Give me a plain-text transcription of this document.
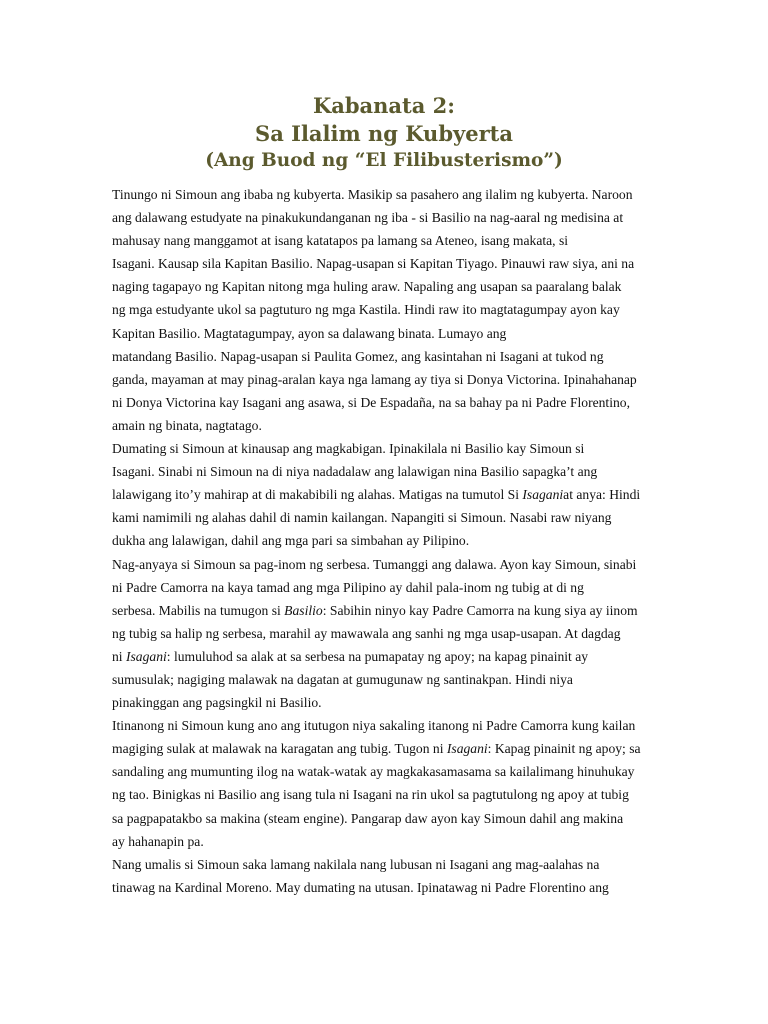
Kabanata 2:
Sa Ilalim ng Kubyerta
(Ang Buod ng “El Filibusterismo”)
Tinungo ni Simoun ang ibaba ng kubyerta. Masikip sa pasahero ang ilalim ng kubyerta. Naroon
ang dalawang estudyate na pinakukundanganan ng iba - si Basilio na nag-aaral ng medisina at
mahusay nang manggamot at isang katatapos pa lamang sa Ateneo, isang makata, si
Isagani. Kausap sila Kapitan Basilio. Napag-usapan si Kapitan Tiyago. Pinauwi raw siya, ani na
naging tagapayo ng Kapitan nitong mga huling araw. Napaling ang usapan sa paaralang balak
ng mga estudyante ukol sa pagtuturo ng mga Kastila. Hindi raw ito magtatagumpay ayon kay
Kapitan Basilio. Magtatagumpay, ayon sa dalawang binata. Lumayo ang
matandang Basilio. Napag-usapan si Paulita Gomez, ang kasintahan ni Isagani at tukod ng
ganda, mayaman at may pinag-aralan kaya nga lamang ay tiya si Donya Victorina. Ipinahahanap
ni Donya Victorina kay Isagani ang asawa, si De Espadaña, na sa bahay pa ni Padre Florentino,
amain ng binata, nagtatago.
Dumating si Simoun at kinausap ang magkabigan. Ipinakilala ni Basilio kay Simoun si
Isagani. Sinabi ni Simoun na di niya nadadalaw ang lalawigan nina Basilio sapagka’t ang
lalawigang ito’y mahirap at di makabibili ng alahas. Matigas na tumutol Si Isaganiat anya: Hindi
kami namimili ng alahas dahil di namin kailangan. Napangiti si Simoun. Nasabi raw niyang
dukha ang lalawigan, dahil ang mga pari sa simbahan ay Pilipino.
Nag-anyaya si Simoun sa pag-inom ng serbesa. Tumanggi ang dalawa. Ayon kay Simoun, sinabi
ni Padre Camorra na kaya tamad ang mga Pilipino ay dahil pala-inom ng tubig at di ng
serbesa. Mabilis na tumugon si Basilio: Sabihin ninyo kay Padre Camorra na kung siya ay iinom
ng tubig sa halip ng serbesa, marahil ay mawawala ang sanhi ng mga usap-usapan. At dagdag
ni Isagani: lumuluhod sa alak at sa serbesa na pumapatay ng apoy; na kapag pinainit ay
sumusulak; nagiging malawak na dagatan at gumugunaw ng santinakpan. Hindi niya
pinakinggan ang pagsingkil ni Basilio.
Itinanong ni Simoun kung ano ang itutugon niya sakaling itanong ni Padre Camorra kung kailan
magiging sulak at malawak na karagatan ang tubig. Tugon ni Isagani: Kapag pinainit ng apoy; sa
sandaling ang mumunting ilog na watak-watak ay magkakasamasama sa kailalimang hinuhukay
ng tao. Binigkas ni Basilio ang isang tula ni Isagani na rin ukol sa pagtutulong ng apoy at tubig
sa pagpapatakbo sa makina (steam engine). Pangarap daw ayon kay Simoun dahil ang makina
ay hahanapin pa.
Nang umalis si Simoun saka lamang nakilala nang lubusan ni Isagani ang mag-aalahas na
tinawag na Kardinal Moreno. May dumating na utusan. Ipinatawag ni Padre Florentino ang
